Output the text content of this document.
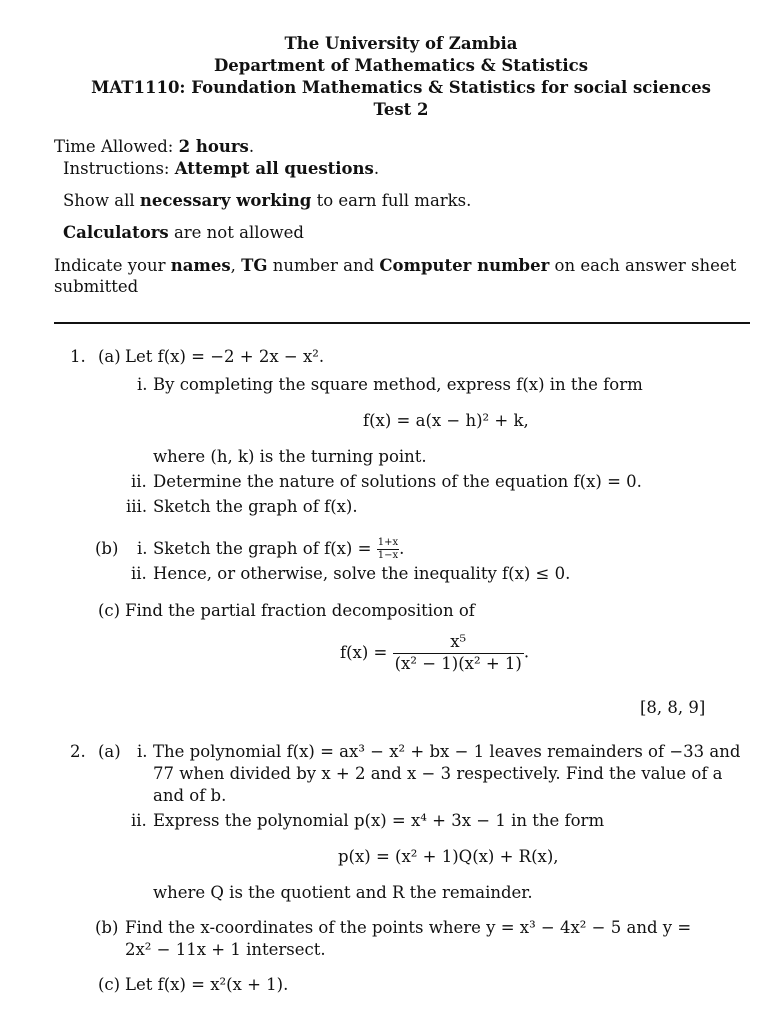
The University of Zambia
Department of Mathematics & Statistics
MAT1110: Foundation Mathematics & Statistics for social sciences
Test 2
Time Allowed: 2 hours.
Instructions: Attempt all questions.
Show all necessary working to earn full marks.
Calculators are not allowed
Indicate your names, TG number and Computer number on each answer sheet
submitted
1. (a) Let f(x) = −2 + 2x − x².
i. By completing the square method, express f(x) in the form
f(x) = a(x − h)² + k,
where (h, k) is the turning point.
ii. Determine the nature of solutions of the equation f(x) = 0.
iii. Sketch the graph of f(x).
(b) i. Sketch the graph of $f(x) = \frac{1+x}{1-x}$ .
ii. Hence, or otherwise, solve the inequality f(x) ≤ 0.
(c) Find the partial fraction decomposition of
$f(x) = \frac{\text{x⁵}}{\text{(x² − 1)(x² + 1)}}$ .
[8, 8, 9]
2. (a) i. The polynomial f(x) = ax³ − x² + bx − 1 leaves remainders of −33 and
77 when divided by x + 2 and x − 3 respectively. Find the value of a
and of b.
ii. Express the polynomial p(x) = x⁴ + 3x − 1 in the form
p(x) = (x² + 1)Q(x) + R(x),
where Q is the quotient and R the remainder.
(b) Find the x-coordinates of the points where y = x³ − 4x² − 5 and y =
2x² − 11x + 1 intersect.
(c) Let f(x) = x²(x + 1).
